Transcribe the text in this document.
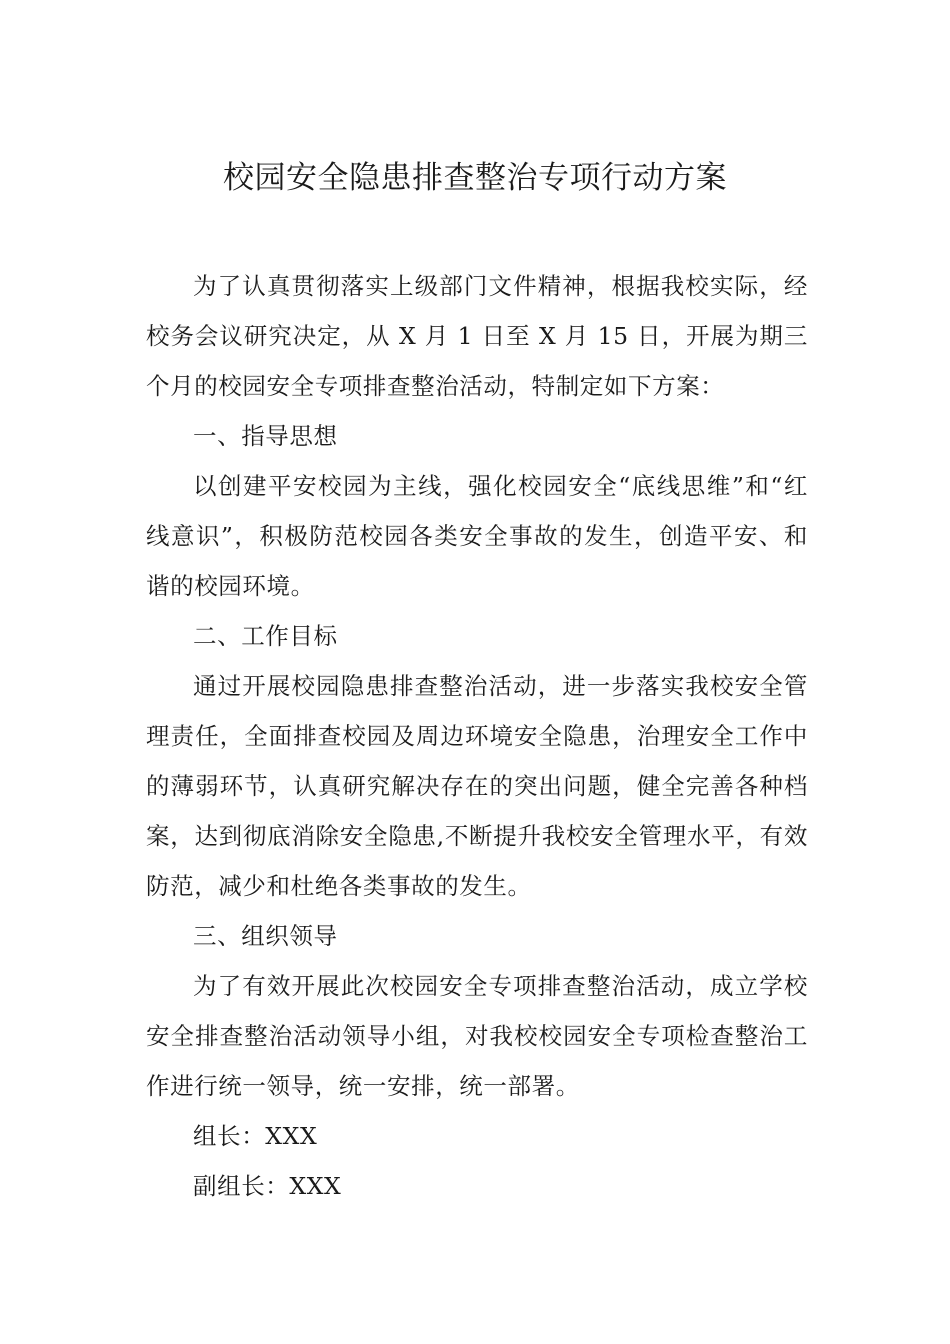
校园安全隐患排查整治专项行动方案

为了认真贯彻落实上级部门文件精神，根据我校实际，经校务会议研究决定，从 X 月 1 日至 X 月 15 日，开展为期三个月的校园安全专项排查整治活动，特制定如下方案：

一、指导思想

以创建平安校园为主线，强化校园安全“底线思维”和“红线意识”，积极防范校园各类安全事故的发生，创造平安、和谐的校园环境。

二、工作目标

通过开展校园隐患排查整治活动，进一步落实我校安全管理责任，全面排查校园及周边环境安全隐患，治理安全工作中的薄弱环节，认真研究解决存在的突出问题，健全完善各种档案，达到彻底消除安全隐患,不断提升我校安全管理水平，有效防范，减少和杜绝各类事故的发生。

三、组织领导

为了有效开展此次校园安全专项排查整治活动，成立学校安全排查整治活动领导小组，对我校校园安全专项检查整治工作进行统一领导，统一安排，统一部署。

组长：XXX

副组长：XXX
